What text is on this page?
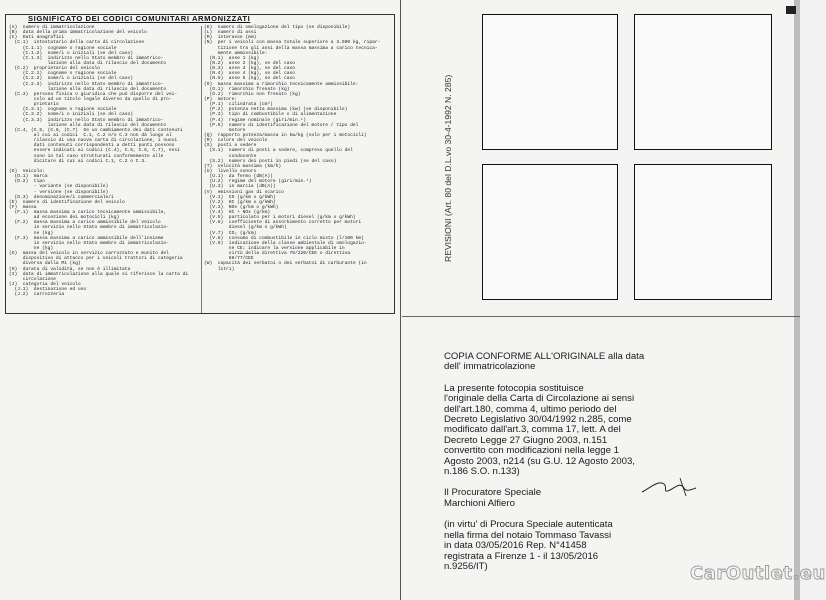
SIGNIFICATO DEI CODICI COMUNITARI ARMONIZZATI
(A)  numero di immatricolazione
(B)  data della prima immatricolazione del veicolo
(C)  Dati anagrafici
(C.1)  intestatario della carta di circolazione
(C.1.1)  cognome o ragione sociale
(C.1.2)  nome/i o iniziali (se del caso)
(C.1.3)  indirizzo nello Stato membro di immatrico-
lazione alla data di rilascio del documento
(C.2)  proprietario del veicolo
(C.2.1)  cognome o ragione sociale
(C.2.2)  nome/i o iniziali (se del caso)
(C.2.3)  indirizzo nello Stato membro di immatrico-
lazione alla data di rilascio del documento
(C.3)  persona fisica o giuridica che può disporre del vei-
colo ad un titolo legale diverso da quello di pro-
prietario
(C.3.1)  cognome o ragione sociale
(C.3.2)  nome/i o iniziali (se del caso)
(C.3.3)  indirizzo nello Stato membro di immatrico-
lazione alla data di rilascio del documento
(C.4, (C.5, (C.6, (C.7)  Se un cambiamento dei dati contenuti
al cui ai codici  C.1, C.2 e/o C.3 non dà luogo al
rilascio di una nuova carta di circolazione, i nuovi
dati contenuti corrispondenti a detti punti possono
essere indicati ai codici (C.4), C.5, C.6, C.7), essi
sono in tal caso strutturati conformemente alle
diciture di cui ai codici C.1, C.2 o C.3.
(D)  Veicolo:
(D.1)  marca
(D.2)  tipo
- variante (se disponibile)
- versione (se disponibile)
(D.3)  denominazione/i commerciale/i
(E)  numero di identificazione del veicolo
(F)  massa
(F.1)  massa massima a carico tecnicamente ammissibile,
ad eccezione dei motocicli (kg)
(F.2)  massa massima a carico ammissibile del veicolo
in servizio nello Stato membro di immatricolazio-
ne (kg)
(F.3)  massa massima a carico ammissibile dell'insieme
in servizio nello Stato membro di immatricolazio-
ne (kg)
(G)  massa del veicolo in servizio carrozzato e munito del
dispositivo di attacco per i veicoli trattori di categoria
diversa dalla M1 (kg)
(H)  durata di validità, se non è illimitata
(I)  data di immatricolazione alla quale si riferisce la carta di
circolazione
(J)  categoria del veicolo
(J.1)  destinazione ed uso
(J.2)  carrozzeria
(K)  numero di omologazione del tipo (se disponibile)
(L)  numero di assi
(M)  interasse (mm)
(N)  per i veicoli con massa totale superiore a 3.500 kg, ripar-
tizione tra gli assi della massa massima a carico tecnica-
mente ammissibile:
(N.1)  asse 1 (kg)
(N.2)  asse 2 (kg), se del caso
(N.3)  asse 3 (kg), se del caso
(N.4)  asse 4 (kg), se del caso
(N.5)  asse 5 (kg), se del caso
(O)  massa massima a rimorchio tecnicamente ammissibile:
(O.1)  rimorchio frenato (kg)
(O.2)  rimorchio non frenato (kg)
(P)  motore:
(P.1)  cilindrata (cm³)
(P.2)  potenza netta massima (kw) (se disponibile)
(P.3)  tipo di combustibile o di alimentazione
(P.4)  regime nominale (giri/min.¹)
(P.5)  numero di identificazione del motore / tipo del
motore
(Q)  rapporto potenza/massa in kw/kg (solo per i motocicli)
(R)  colore del veicolo
(S)  posti a sedere
(S.1)  numero di posti a sedere, compreso quello del
conducente
(S.2)  numero dei posti in piedi (se del caso)
(T)  velocità massima (km/h)
(U)  livello sonoro
(U.1)  da fermo (dB(A))
(U.2)  regime del motore (giri/min.¹)
(U.3)  in marcia (dB(A))
(V)  emissioni gas di scarico
(V.1)  CO (g/km o g/kWh)
(V.2)  HC (g/km o g/kWh)
(V.3)  NOx (g/km o g/kWh)
(V.4)  HC + NOx (g/km)
(V.5)  particolato per i motori diesel (g/km o g/kWh)
(V.6)  coefficiente di assorbimento corretto per motori
diesel (g/km o g/kWh)
(V.7)  CO₂ (g/km)
(V.8)  consumo di combustibile in ciclo misto (l/100 km)
(V.9)  indicazione della classe ambientale di omologazio-
ne CE; indicare la versione applicabile in
virtù della direttiva 70/220/CEE o direttiva
88/77/CEE
(W)  capacità dei serbatoi o dei serbatoi di carburante (in
litri)
REVISIONI (Art. 80 del D.L.vo 30-4-1992 N. 285)

COPIA CONFORME ALL'ORIGINALE alla data

dell' immatricolazione

La presente fotocopia sostituisce
l'originale della Carta di Circolazione ai sensi
dell'art.180, comma 4, ultimo periodo del
Decreto Legislativo 30/04/1992 n.285, come
modificato dall'art.3, comma 17, lett. A del
Decreto Legge 27 Giugno 2003, n.151
convertito con modificazioni nella legge 1
Agosto 2003, n214 (su G.U. 12 Agosto 2003,
n.186 S.O. n.133)
Il Procuratore Speciale
Marchioni Alfiero
(in virtu' di Procura Speciale autenticata
nella firma del notaio Tommaso Tavassi
in data 03/05/2016 Rep. N°41458
registrata a Firenze 1 - il 13/05/2016
n.9256/IT)	CarOutlet.eu
